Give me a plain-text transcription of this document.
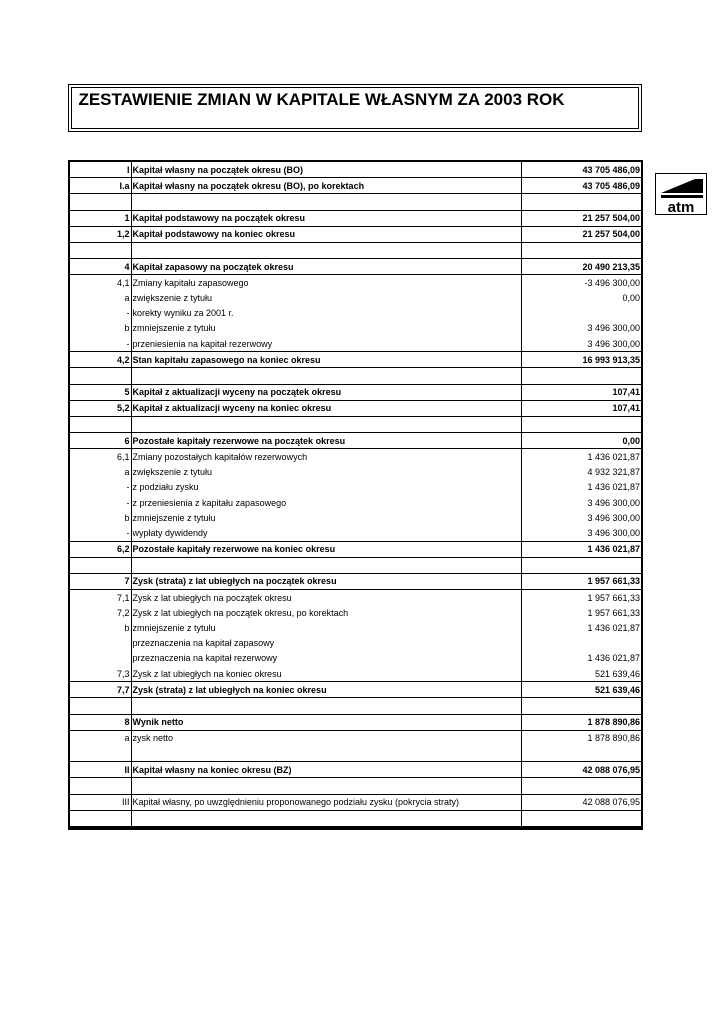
ZESTAWIENIE ZMIAN W KAPITALE WŁASNYM ZA 2003 ROK
atm
I	Kapitał własny na początek okresu (BO)	43 705 486,09
I.a	Kapitał własny na początek okresu (BO), po korektach	43 705 486,09

1	Kapitał podstawowy na początek okresu	21 257 504,00
1,2	Kapitał podstawowy na koniec okresu	21 257 504,00

4	Kapitał zapasowy na początek okresu	20 490 213,35
4,1	Zmiany kapitału zapasowego	-3 496 300,00
a	zwiększenie z tytułu	0,00
-	korekty wyniku za 2001 r.	
b	zmniejszenie z tytułu	3 496 300,00
-	przeniesienia na kapitał rezerwowy	3 496 300,00
4,2	Stan kapitału zapasowego na koniec okresu	16 993 913,35

5	Kapitał z aktualizacji wyceny na początek okresu	107,41
5,2	Kapitał z aktualizacji wyceny na koniec okresu	107,41

6	Pozostałe kapitały rezerwowe na początek okresu	0,00
6,1	Zmiany pozostałych kapitałów rezerwowych	1 436 021,87
a	zwiększenie z tytułu	4 932 321,87
-	z podziału zysku	1 436 021,87
-	z przeniesienia z kapitału zapasowego	3 496 300,00
b	zmniejszenie z tytułu	3 496 300,00
-	wypłaty dywidendy	3 496 300,00
6,2	Pozostałe kapitały rezerwowe na koniec okresu	1 436 021,87

7	Zysk (strata) z lat ubiegłych na początek okresu	1 957 661,33
7,1	Zysk z lat ubiegłych na początek okresu	1 957 661,33
7,2	Zysk z lat ubiegłych na początek okresu, po korektach	1 957 661,33
b	zmniejszenie z tytułu	1 436 021,87
	przeznaczenia na kapitał zapasowy	
	przeznaczenia na kapitał rezerwowy	1 436 021,87
7,3	Zysk z lat ubiegłych na koniec okresu	521 639,46
7,7	Zysk (strata) z lat ubiegłych na koniec okresu	521 639,46

8	Wynik netto	1 878 890,86
a	zysk netto	1 878 890,86

II	Kapitał własny na koniec okresu (BZ)	42 088 076,95

III	Kapitał własny, po uwzględnieniu proponowanego podziału zysku (pokrycia straty)	42 088 076,95
